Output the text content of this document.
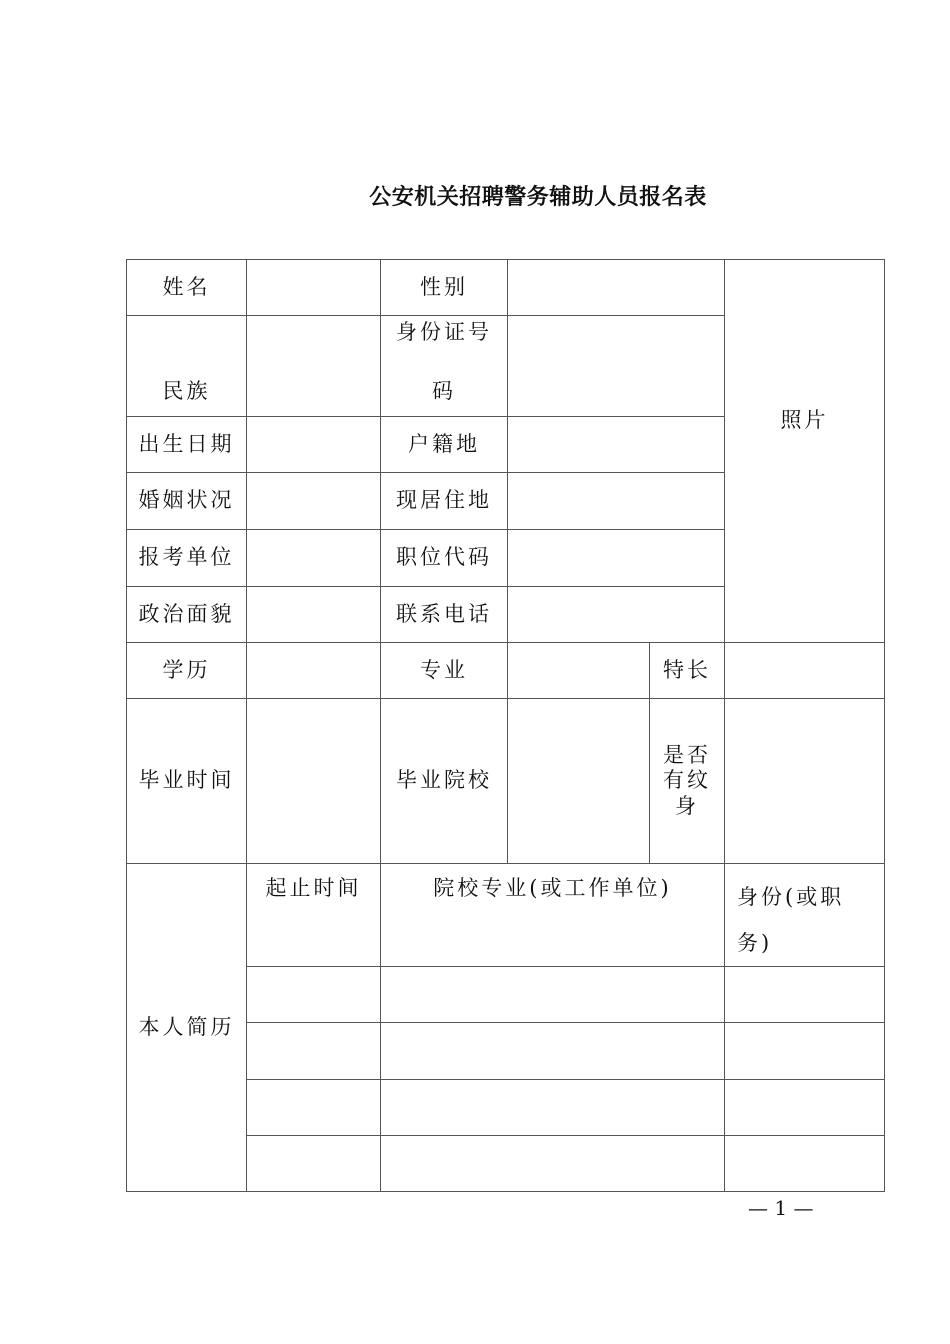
公安机关招聘警务辅助人员报名表
姓名		性别			照片
民族		身份证号
码			

出生日期		户籍地			
婚姻状况		现居住地			
报考单位		职位代码			
政治面貌		联系电话			
学历		专业		特长	
毕业时间		毕业院校		是否
有纹
身	

本人简历	起止时间	院校专业(或工作单位)			身份(或职
务)

— 1 —
